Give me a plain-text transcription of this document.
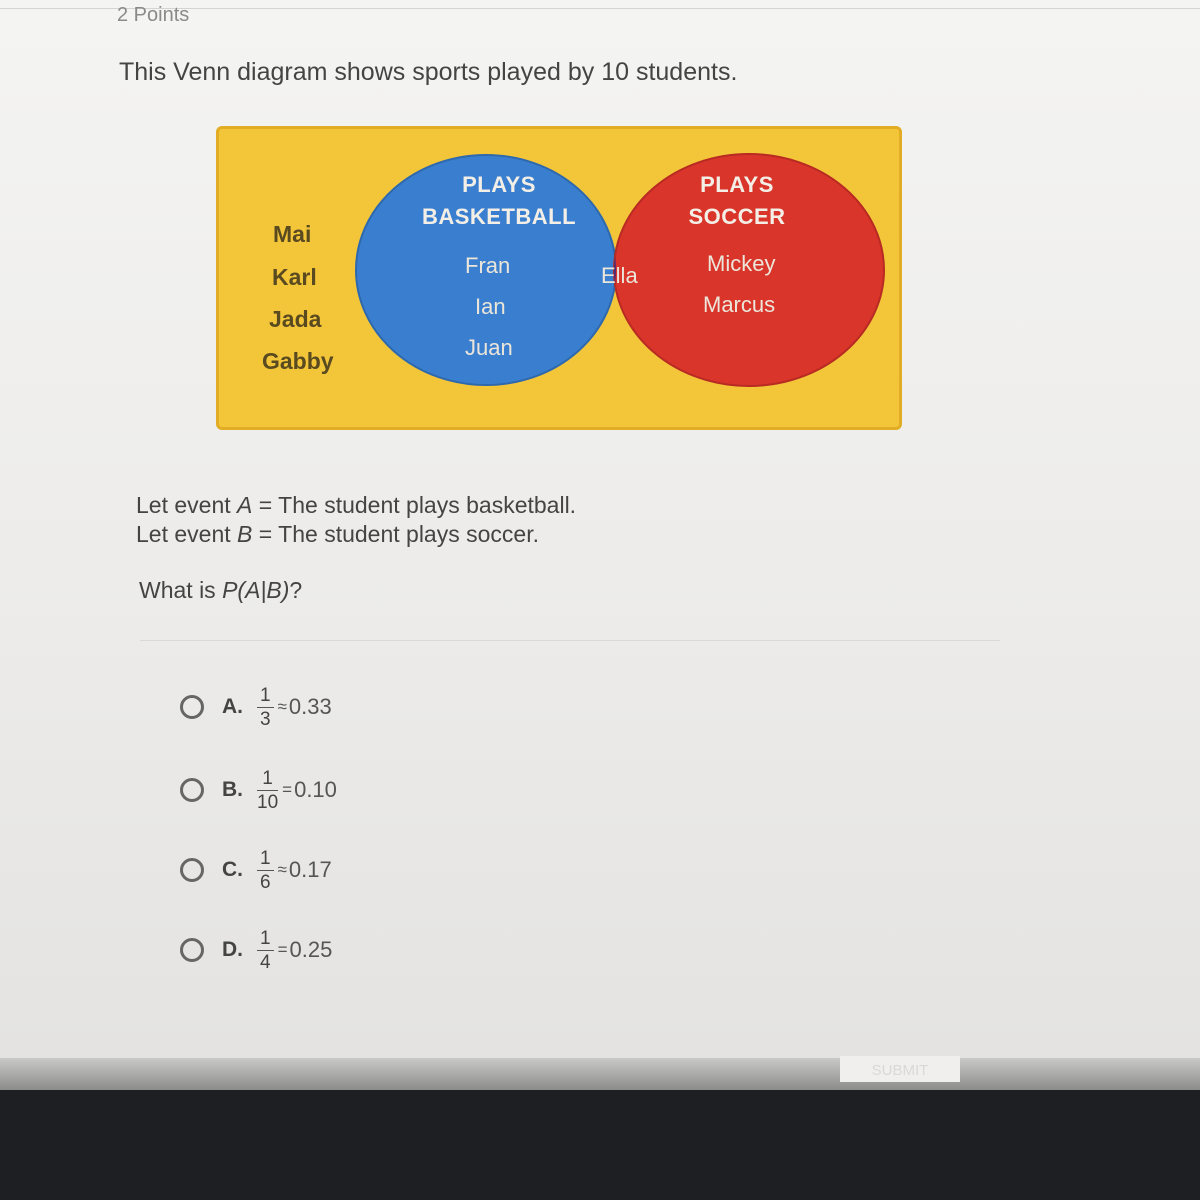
2 Points
This Venn diagram shows sports played by 10 students.
Mai
Karl
Jada
Gabby
PLAYS
BASKETBALL
PLAYS
SOCCER
Fran
Ian
Juan
Ella	Mickey
Marcus
Let event A = The student plays basketball.
Let event B = The student plays soccer.
What is P(A|B)?
A. $\frac{1}{3} \approx 0.33$
B. $\frac{1}{10} = 0.10$
C. $\frac{1}{6} \approx 0.17$
D. $\frac{1}{4} = 0.25$
SUBMIT
